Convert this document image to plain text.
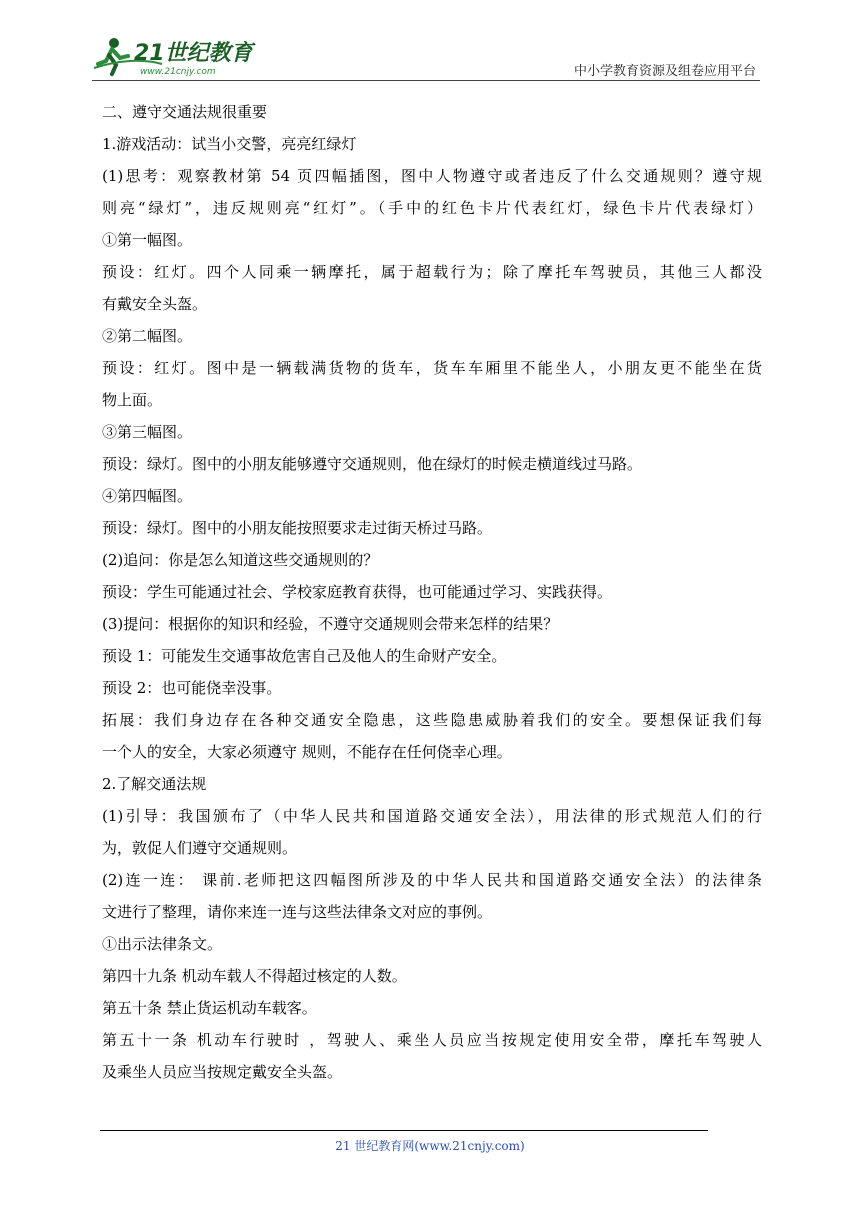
21世纪教育
www.21cnjy.com	中小学教育资源及组卷应用平台

二、遵守交通法规很重要

1.游戏活动：试当小交警，亮亮红绿灯

(1)思考：观察教材第 54 页四幅插图，图中人物遵守或者违反了什么交通规则？遵守规

则亮“绿灯”，违反规则亮“红灯”。（手中的红色卡片代表红灯，绿色卡片代表绿灯）

①第一幅图。

预设：红灯。四个人同乘一辆摩托，属于超载行为；除了摩托车驾驶员，其他三人都没

有戴安全头盔。

②第二幅图。

预设：红灯。图中是一辆载满货物的货车，货车车厢里不能坐人，小朋友更不能坐在货

物上面。

③第三幅图。

预设：绿灯。图中的小朋友能够遵守交通规则，他在绿灯的时候走横道线过马路。

④第四幅图。

预设：绿灯。图中的小朋友能按照要求走过街天桥过马路。

(2)追问：你是怎么知道这些交通规则的？

预设：学生可能通过社会、学校家庭教育获得，也可能通过学习、实践获得。

(3)提问：根据你的知识和经验，不遵守交通规则会带来怎样的结果？

预设 1：可能发生交通事故危害自己及他人的生命财产安全。

预设 2：也可能侥幸没事。

拓展：我们身边存在各种交通安全隐患，这些隐患威胁着我们的安全。要想保证我们每

一个人的安全，大家必须遵守 规则，不能存在任何侥幸心理。

2.了解交通法规

(1)引导：我国颁布了（中华人民共和国道路交通安全法），用法律的形式规范人们的行

为，敦促人们遵守交通规则。

(2)连一连： 课前.老师把这四幅图所涉及的中华人民共和国道路交通安全法）的法律条

文进行了整理，请你来连一连与这些法律条文对应的事例。

①出示法律条文。

第四十九条 机动车载人不得超过核定的人数。

第五十条 禁止货运机动车载客。

第五十一条 机动车行驶时 ，驾驶人、乘坐人员应当按规定使用安全带，摩托车驾驶人

及乘坐人员应当按规定戴安全头盔。

21 世纪教育网(www.21cnjy.com)
